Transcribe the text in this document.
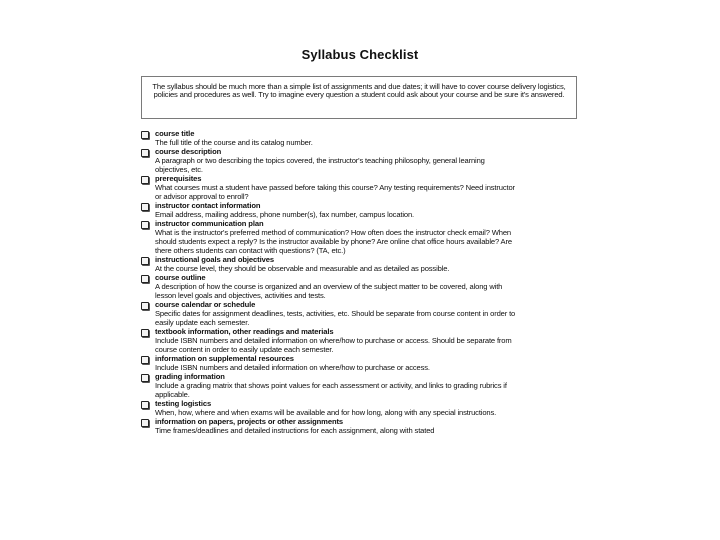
Syllabus Checklist
The syllabus should be much more than a simple list of assignments and due dates; it will have to cover course delivery logistics, policies and procedures as well. Try to imagine every question a student could ask about your course and be sure it's answered.
course title
The full title of the course and its catalog number.
course description
A paragraph or two describing the topics covered, the instructor's teaching philosophy, general learning objectives, etc.
prerequisites
What courses must a student have passed before taking this course? Any testing requirements? Need instructor or advisor approval to enroll?
instructor contact information
Email address, mailing address, phone number(s), fax number, campus location.
instructor communication plan
What is the instructor's preferred method of communication? How often does the instructor check email? When should students expect a reply? Is the instructor available by phone? Are online chat office hours available? Are there others students can contact with questions? (TA, etc.)
instructional goals and objectives
At the course level, they should be observable and measurable and as detailed as possible.
course outline
A description of how the course is organized and an overview of the subject matter to be covered, along with lesson level goals and objectives, activities and tests.
course calendar or schedule
Specific dates for assignment deadlines, tests, activities, etc. Should be separate from course content in order to easily update each semester.
textbook information, other readings and materials
Include ISBN numbers and detailed information on where/how to purchase or access. Should be separate from course content in order to easily update each semester.
information on supplemental resources
Include ISBN numbers and detailed information on where/how to purchase or access.
grading information
Include a grading matrix that shows point values for each assessment or activity, and links to grading rubrics if applicable.
testing logistics
When, how, where and when exams will be available and for how long, along with any special instructions.
information on papers, projects or other assignments
Time frames/deadlines and detailed instructions for each assignment, along with stated
